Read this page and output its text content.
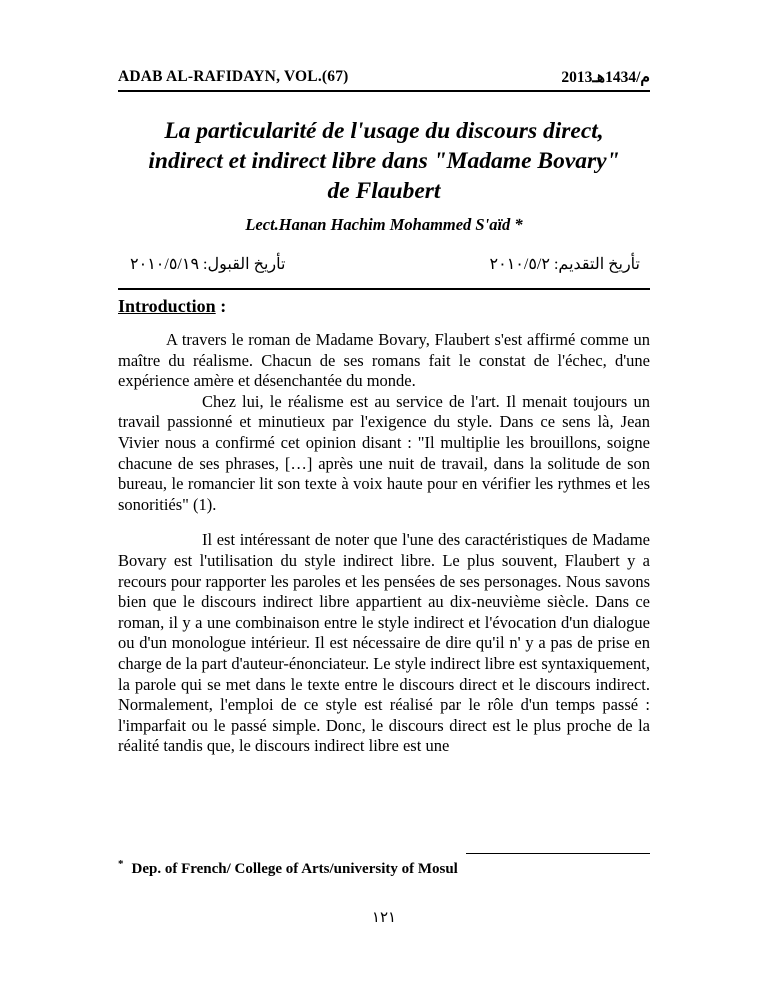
ADAB AL-RAFIDAYN, VOL.(67)	2013م/1434هـ
La particularité de l'usage du discours direct,
indirect et indirect libre dans "Madame Bovary"
de Flaubert
Lect.Hanan Hachim Mohammed S'aïd *
تأريخ القبول: ٢٠١٠/٥/١٩	تأريخ التقديم: ٢٠١٠/٥/٢
Introduction :

A travers le roman de Madame Bovary, Flaubert s'est affirmé comme un maître du réalisme. Chacun de ses romans fait le constat de l'échec, d'une expérience amère et désenchantée du monde.

Chez lui, le réalisme est au service de l'art. Il menait toujours un travail passionné et minutieux par l'exigence du style. Dans ce sens là, Jean Vivier nous a confirmé cet opinion disant : "Il multiplie les brouillons, soigne chacune de ses phrases, […] après une nuit de travail, dans la solitude de son bureau, le romancier lit son texte à voix haute pour en vérifier les rythmes et les sonoritiés" (1).

Il est intéressant de noter que l'une des caractéristiques de Madame Bovary est l'utilisation du style indirect libre. Le plus souvent, Flaubert y a recours pour rapporter les paroles et les pensées de ses personages. Nous savons bien que le discours indirect libre appartient au dix-neuvième siècle. Dans ce roman, il y a une combinaison entre le style indirect et l'évocation d'un dialogue ou d'un monologue intérieur. Il est nécessaire de dire qu'il n' y a pas de prise en charge de la part d'auteur-énonciateur. Le style indirect libre est syntaxiquement, la parole qui se met dans le texte entre le discours direct et le discours indirect. Normalement, l'emploi de ce style est réalisé par le rôle d'un temps passé : l'imparfait ou le passé simple. Donc, le discours direct est le plus proche de la réalité tandis que, le discours indirect libre est une

* Dep. of French/ College of Arts/university of Mosul
١٢١
